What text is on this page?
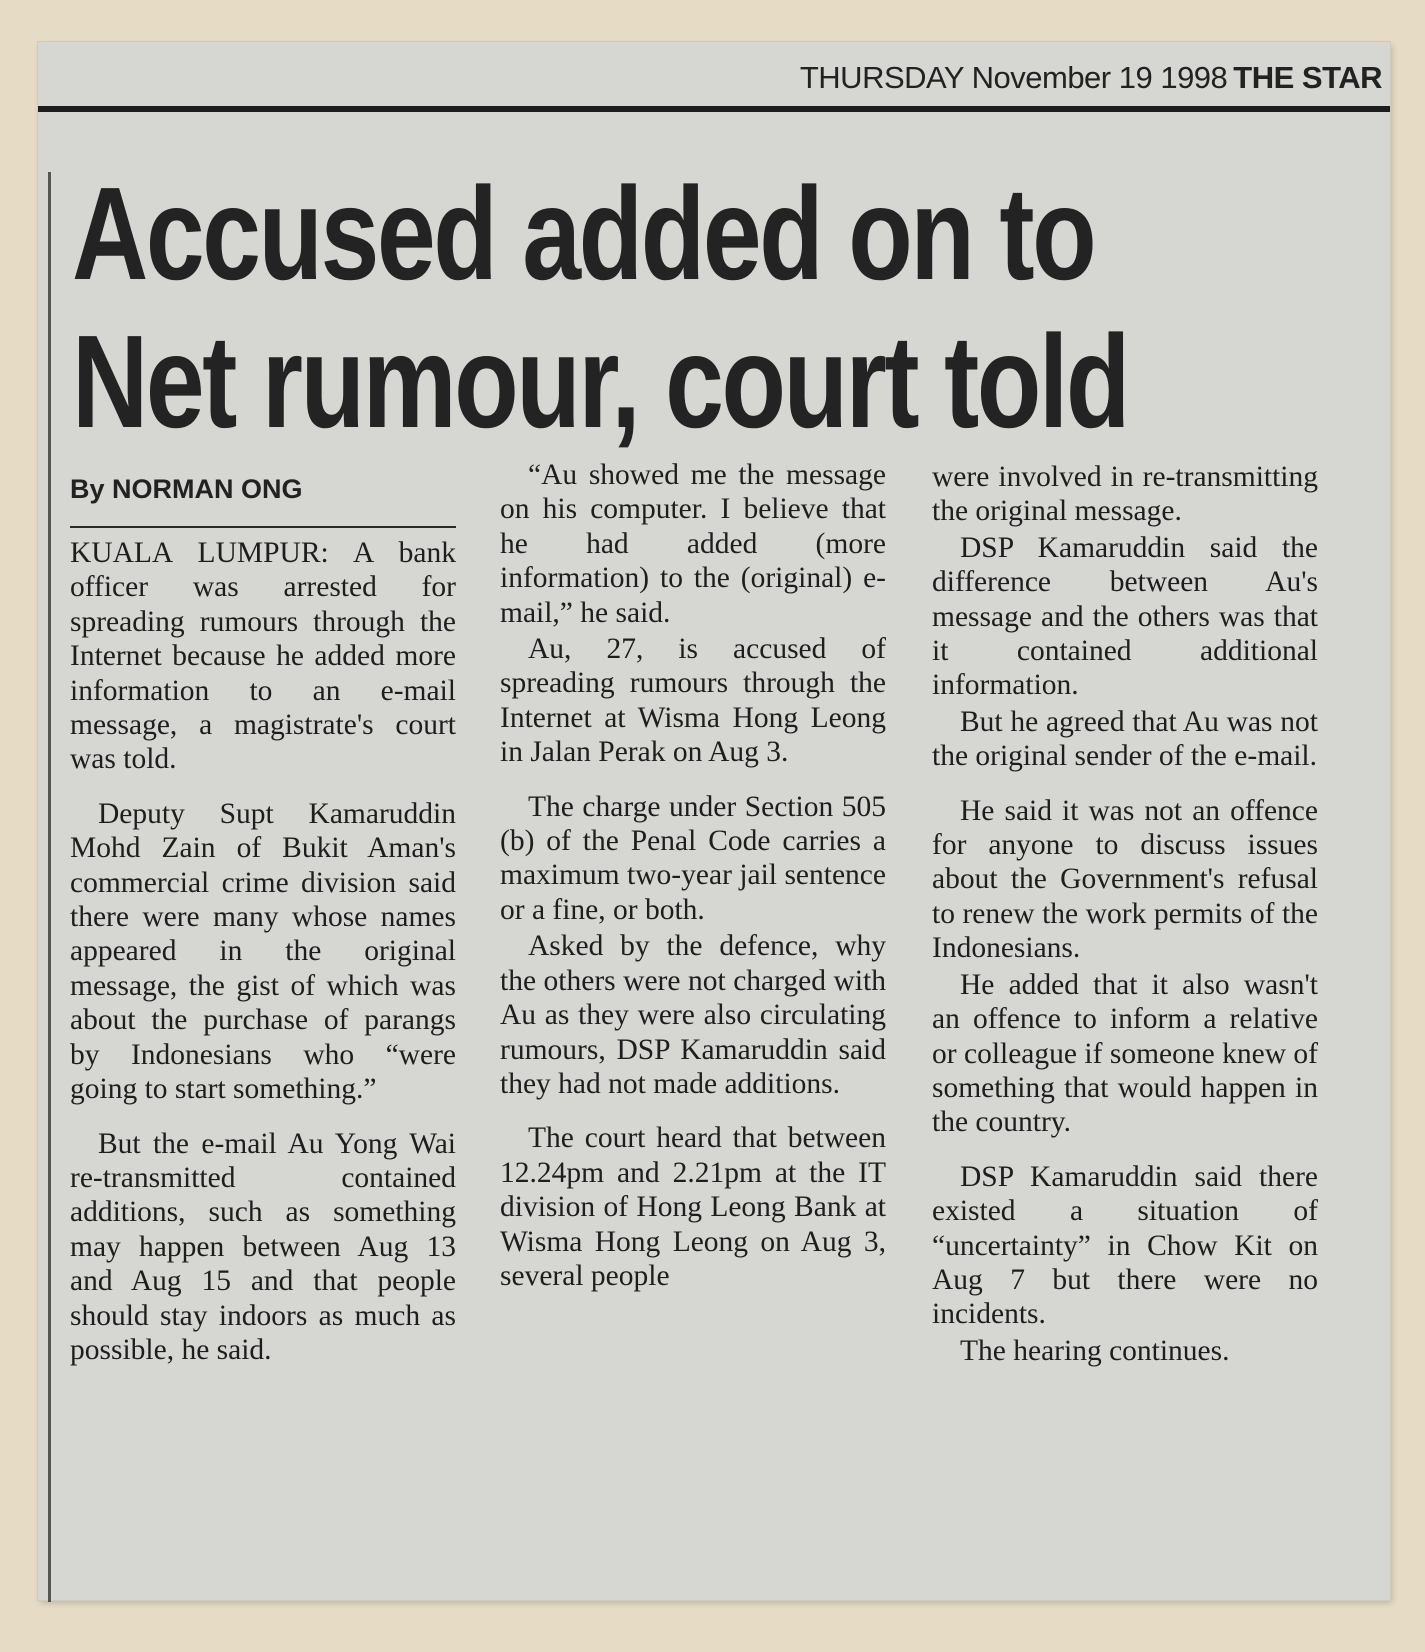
THURSDAY November 19 1998 THE STAR
Accused added on to
Net rumour, court told
By NORMAN ONG

KUALA LUMPUR: A bank officer was arrested for spreading rumours through the Internet because he added more information to an e-mail message, a magistrate's court was told.

Deputy Supt Kamaruddin Mohd Zain of Bukit Aman's commercial crime division said there were many whose names appeared in the original message, the gist of which was about the purchase of parangs by Indonesians who “were going to start something.”

But the e-mail Au Yong Wai re-transmitted contained additions, such as something may happen between Aug 13 and Aug 15 and that people should stay indoors as much as possible, he said.

“Au showed me the message on his computer. I believe that he had added (more information) to the (original) e-mail,” he said.

Au, 27, is accused of spreading rumours through the Internet at Wisma Hong Leong in Jalan Perak on Aug 3.

The charge under Section 505 (b) of the Penal Code carries a maximum two-year jail sentence or a fine, or both.

Asked by the defence, why the others were not charged with Au as they were also circulating rumours, DSP Kamaruddin said they had not made additions.

The court heard that between 12.24pm and 2.21pm at the IT division of Hong Leong Bank at Wisma Hong Leong on Aug 3, several people

were involved in re-transmitting the original message.

DSP Kamaruddin said the difference between Au's message and the others was that it contained additional information.

But he agreed that Au was not the original sender of the e-mail.

He said it was not an offence for anyone to discuss issues about the Government's refusal to renew the work permits of the Indonesians.

He added that it also wasn't an offence to inform a relative or colleague if someone knew of something that would happen in the country.

DSP Kamaruddin said there existed a situation of “uncertainty” in Chow Kit on Aug 7 but there were no incidents.

The hearing continues.
